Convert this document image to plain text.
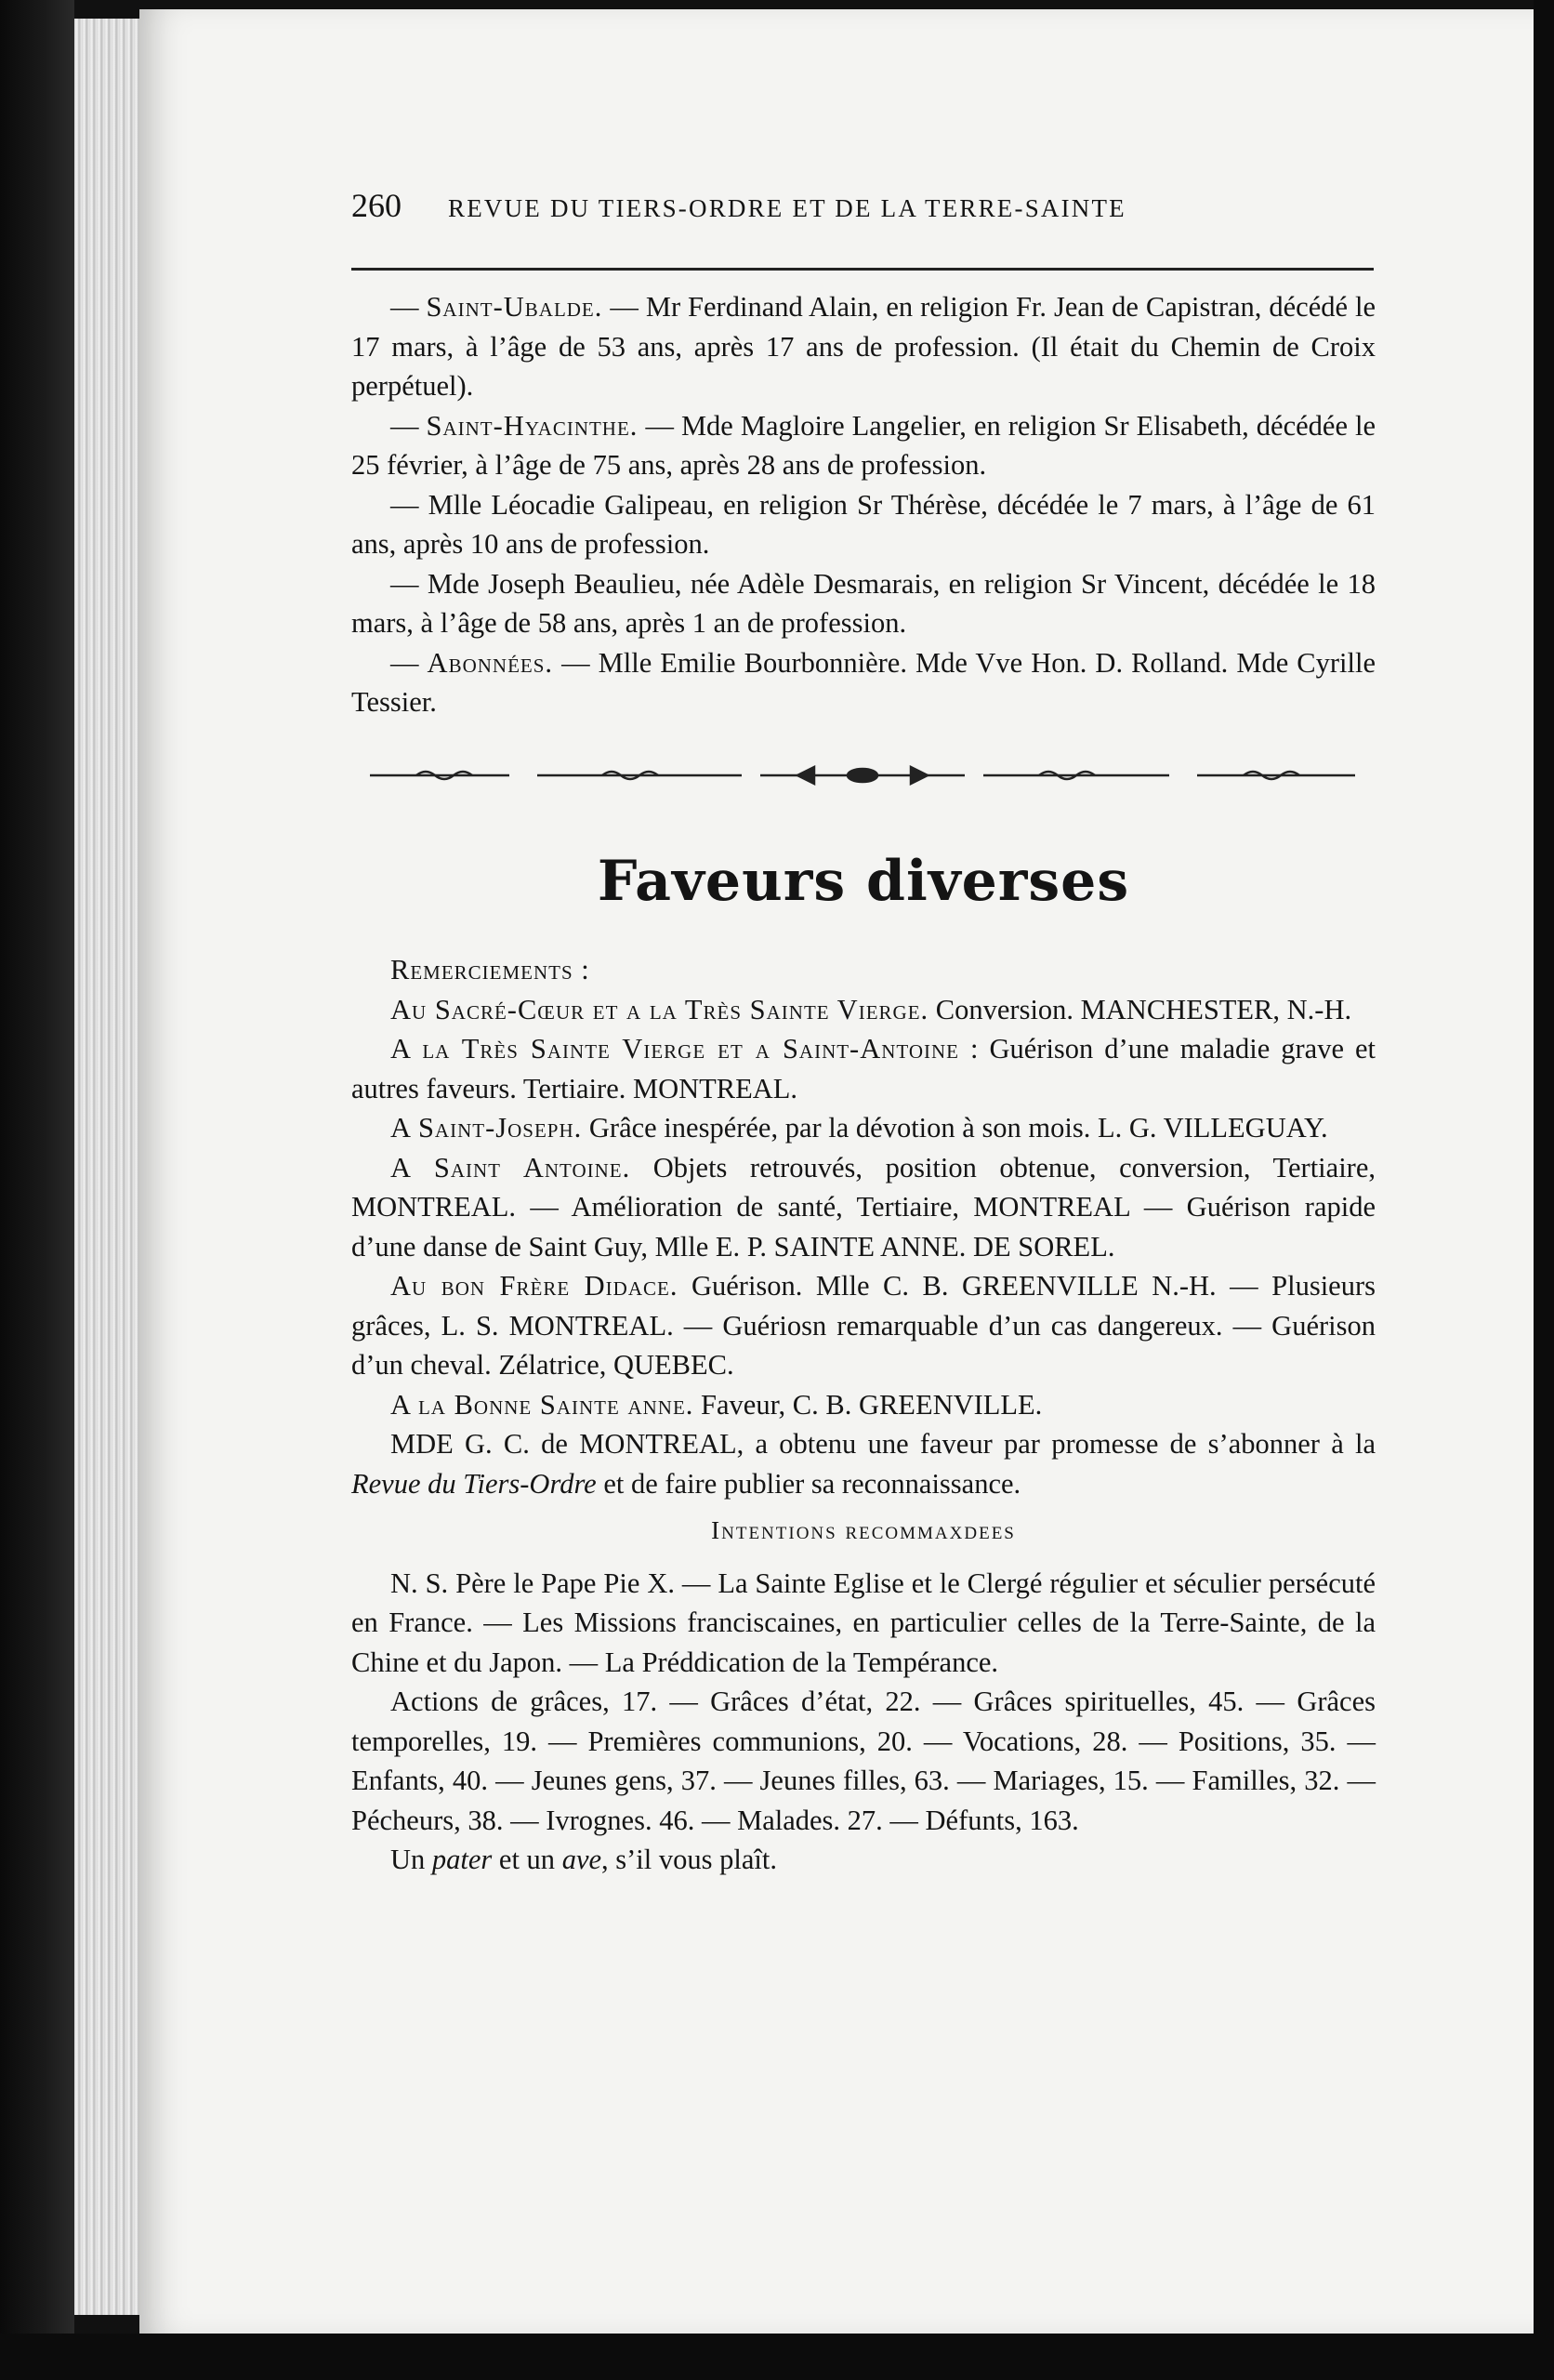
260 REVUE DU TIERS-ORDRE ET DE LA TERRE-SAINTE

— Saint-Ubalde. — Mr Ferdinand Alain, en religion Fr. Jean de Capistran, décédé le 17 mars, à l’âge de 53 ans, après 17 ans de profession. (Il était du Chemin de Croix perpétuel).

— Saint-Hyacinthe. — Mde Magloire Langelier, en religion Sr Elisabeth, décédée le 25 février, à l’âge de 75 ans, après 28 ans de profession.

— Mlle Léocadie Galipeau, en religion Sr Thérèse, décédée le 7 mars, à l’âge de 61 ans, après 10 ans de profession.

— Mde Joseph Beaulieu, née Adèle Desmarais, en religion Sr Vincent, décédée le 18 mars, à l’âge de 58 ans, après 1 an de profession.

— Abonnées. — Mlle Emilie Bourbonnière. Mde Vve Hon. D. Rolland. Mde Cyrille Tessier.

Faveurs diverses

Remerciements :

Au Sacré-Cœur et a la Très Sainte Vierge. Conversion. MANCHESTER, N.-H.

A la Très Sainte Vierge et a Saint-Antoine : Guérison d’une maladie grave et autres faveurs. Tertiaire. MONTREAL.

A Saint-Joseph. Grâce inespérée, par la dévotion à son mois. L. G. VILLEGUAY.

A Saint Antoine. Objets retrouvés, position obtenue, conversion, Tertiaire, MONTREAL. — Amélioration de santé, Tertiaire, MONTREAL — Guérison rapide d’une danse de Saint Guy, Mlle E. P. SAINTE ANNE. DE SOREL.

Au bon Frère Didace. Guérison. Mlle C. B. GREENVILLE N.-H. — Plusieurs grâces, L. S. MONTREAL. — Guériosn remarquable d’un cas dangereux. — Guérison d’un cheval. Zélatrice, QUEBEC.

A la Bonne Sainte anne. Faveur, C. B. GREENVILLE.

MDE G. C. de MONTREAL, a obtenu une faveur par promesse de s’abonner à la Revue du Tiers-Ordre et de faire publier sa reconnaissance.

Intentions recommaxdees

N. S. Père le Pape Pie X. — La Sainte Eglise et le Clergé régulier et séculier persécuté en France. — Les Missions franciscaines, en particulier celles de la Terre-Sainte, de la Chine et du Japon. — La Préddication de la Tempérance.

Actions de grâces, 17. — Grâces d’état, 22. — Grâces spirituelles, 45. — Grâces temporelles, 19. — Premières communions, 20. — Vocations, 28. — Positions, 35. — Enfants, 40. — Jeunes gens, 37. — Jeunes filles, 63. — Mariages, 15. — Familles, 32. — Pécheurs, 38. — Ivrognes. 46. — Malades. 27. — Défunts, 163.

Un pater et un ave, s’il vous plaît.
